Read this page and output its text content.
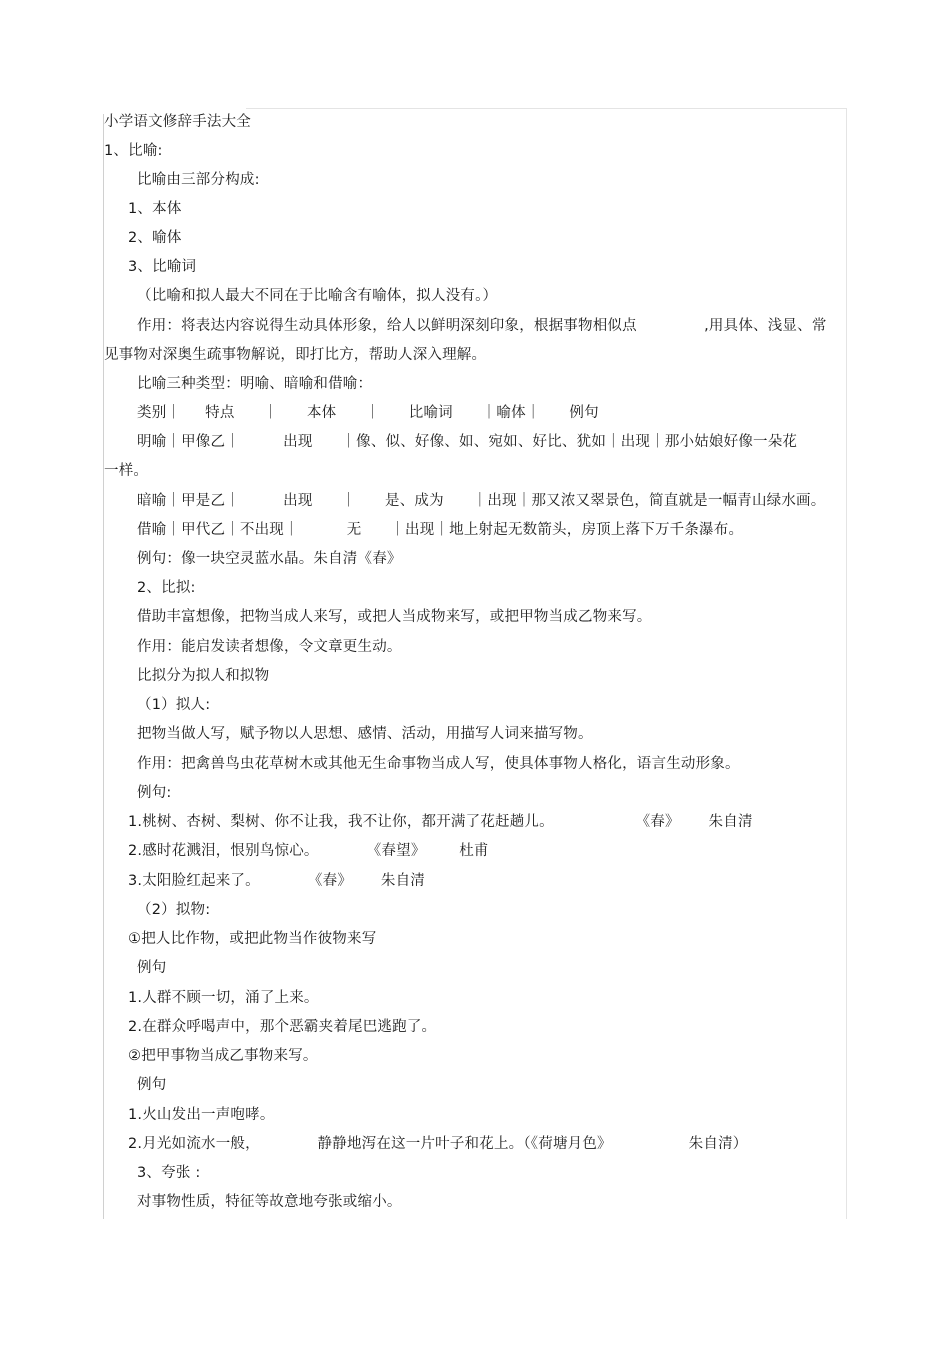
小学语文修辞手法大全
1、比喻:
比喻由三部分构成:
1、本体
2、喻体
3、比喻词
（比喻和拟人最大不同在于比喻含有喻体，拟人没有。）
作用：将表达内容说得生动具体形象，给人以鲜明深刻印象，根据事物相似点              ,用具体、浅显、常
见事物对深奥生疏事物解说，即打比方，帮助人深入理解。
比喻三种类型：明喻、暗喻和借喻：
类别｜     特点      ｜      本体      ｜      比喻词      ｜喻体｜      例句
明喻｜甲像乙｜         出现      ｜像、似、好像、如、宛如、好比、犹如｜出现｜那小姑娘好像一朵花
一样。
暗喻｜甲是乙｜         出现      ｜      是、成为      ｜出现｜那又浓又翠景色，简直就是一幅青山绿水画。
借喻｜甲代乙｜不出现｜          无      ｜出现｜地上射起无数箭头，房顶上落下万千条瀑布。
例句：像一块空灵蓝水晶。朱自清《春》
2、比拟:
借助丰富想像，把物当成人来写，或把人当成物来写，或把甲物当成乙物来写。
作用：能启发读者想像，令文章更生动。
比拟分为拟人和拟物
（1）拟人:
把物当做人写，赋予物以人思想、感情、活动，用描写人词来描写物。
作用：把禽兽鸟虫花草树木或其他无生命事物当成人写，使具体事物人格化，语言生动形象。
例句:
1.桃树、杏树、梨树、你不让我，我不让你，都开满了花赶趟儿。                 《春》      朱自清
2.感时花溅泪，恨别鸟惊心。          《春望》       杜甫
3.太阳脸红起来了。          《春》      朱自清
（2）拟物:
①把人比作物，或把此物当作彼物来写
例句
1.人群不顾一切，涌了上来。
2.在群众呼喝声中，那个恶霸夹着尾巴逃跑了。
②把甲事物当成乙事物来写。
例句
1.火山发出一声咆哮。
2.月光如流水一般，            静静地泻在这一片叶子和花上。（《荷塘月色》                朱自清）
3、夸张 :
对事物性质，特征等故意地夸张或缩小。
